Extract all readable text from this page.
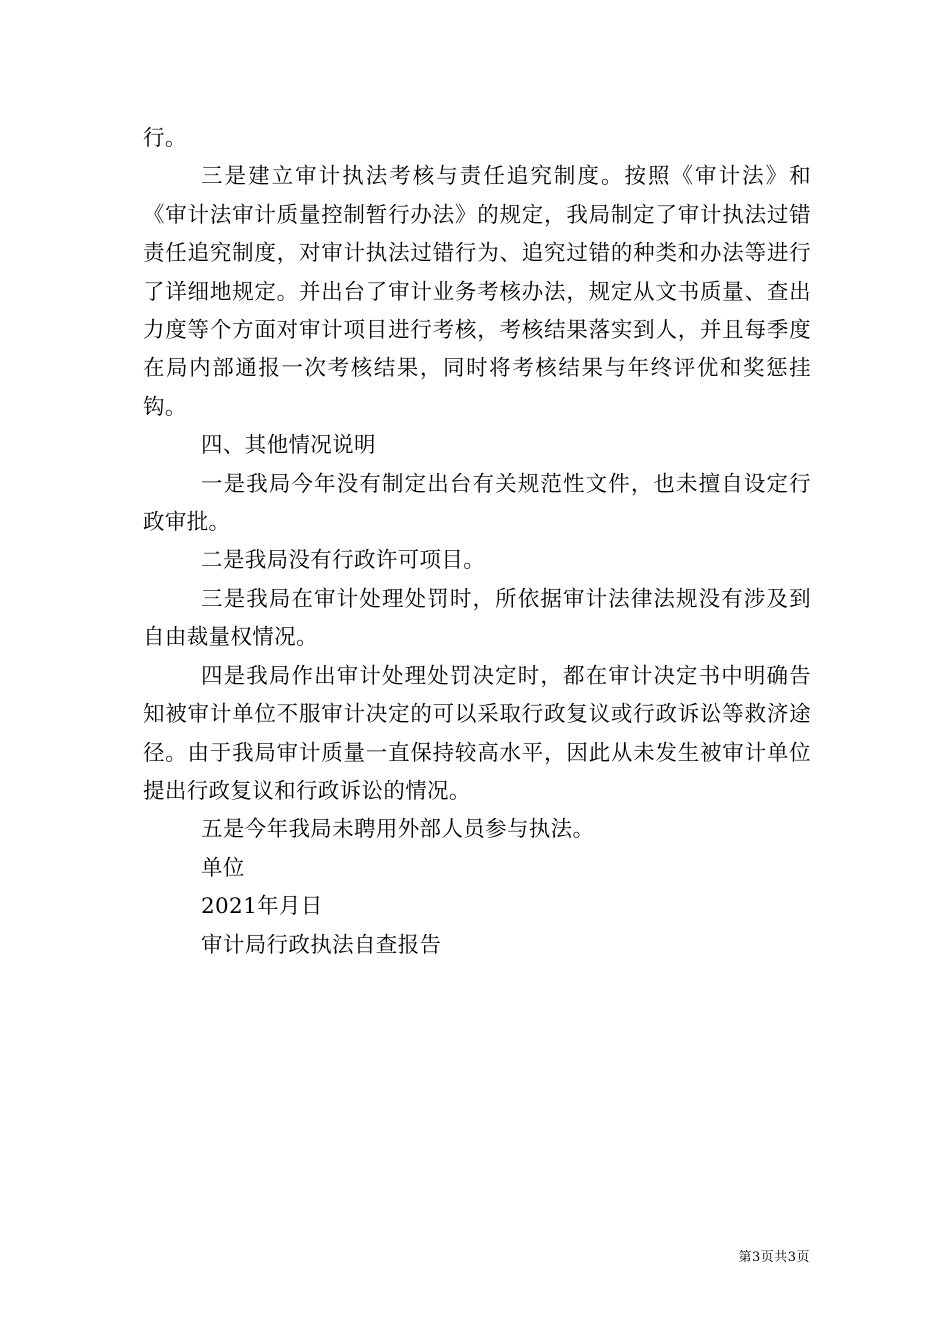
行。

三是建立审计执法考核与责任追究制度。按照《审计法》和《审计法审计质量控制暂行办法》的规定，我局制定了审计执法过错责任追究制度，对审计执法过错行为、追究过错的种类和办法等进行了详细地规定。并出台了审计业务考核办法，规定从文书质量、查出力度等个方面对审计项目进行考核，考核结果落实到人，并且每季度在局内部通报一次考核结果，同时将考核结果与年终评优和奖惩挂钩。

四、其他情况说明

一是我局今年没有制定出台有关规范性文件，也未擅自设定行政审批。

二是我局没有行政许可项目。

三是我局在审计处理处罚时，所依据审计法律法规没有涉及到自由裁量权情况。

四是我局作出审计处理处罚决定时，都在审计决定书中明确告知被审计单位不服审计决定的可以采取行政复议或行政诉讼等救济途径。由于我局审计质量一直保持较高水平，因此从未发生被审计单位提出行政复议和行政诉讼的情况。

五是今年我局未聘用外部人员参与执法。

单位

2021年月日

审计局行政执法自查报告

第3页共3页
